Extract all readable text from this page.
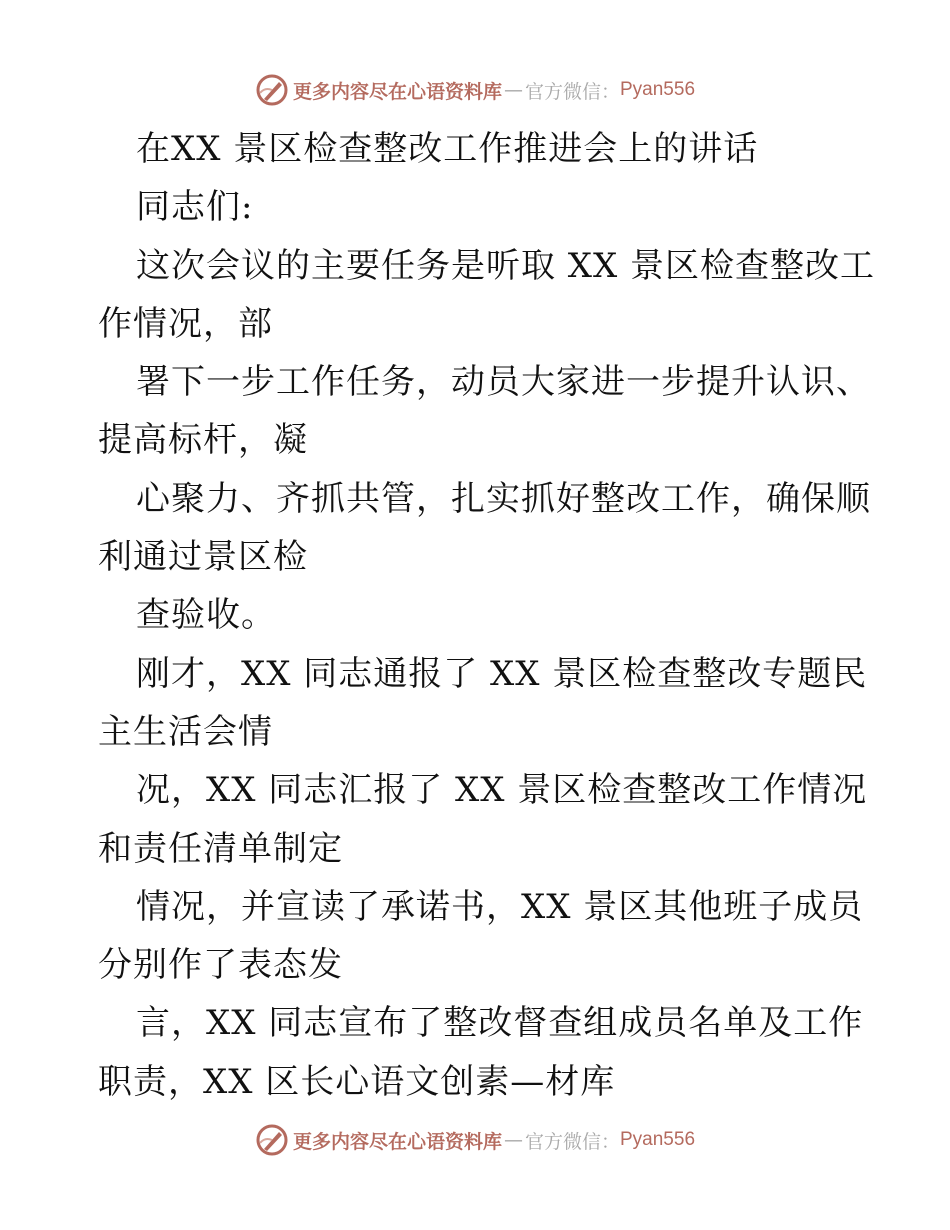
更多内容尽在心语资料库 — 官方微信： Pyan556
在XX 景区检查整改工作推进会上的讲话
同志们:
这次会议的主要任务是听取 XX 景区检查整改工
作情况，部
署下一步工作任务，动员大家进一步提升认识、
提高标杆，凝
心聚力、齐抓共管，扎实抓好整改工作，确保顺
利通过景区检
查验收。
刚才，XX 同志通报了 XX 景区检查整改专题民
主生活会情
况，XX 同志汇报了 XX 景区检查整改工作情况
和责任清单制定
情况，并宣读了承诺书，XX 景区其他班子成员
分别作了表态发
言，XX 同志宣布了整改督查组成员名单及工作
职责，XX 区长心语文创素—材库
更多内容尽在心语资料库 — 官方微信： Pyan556
